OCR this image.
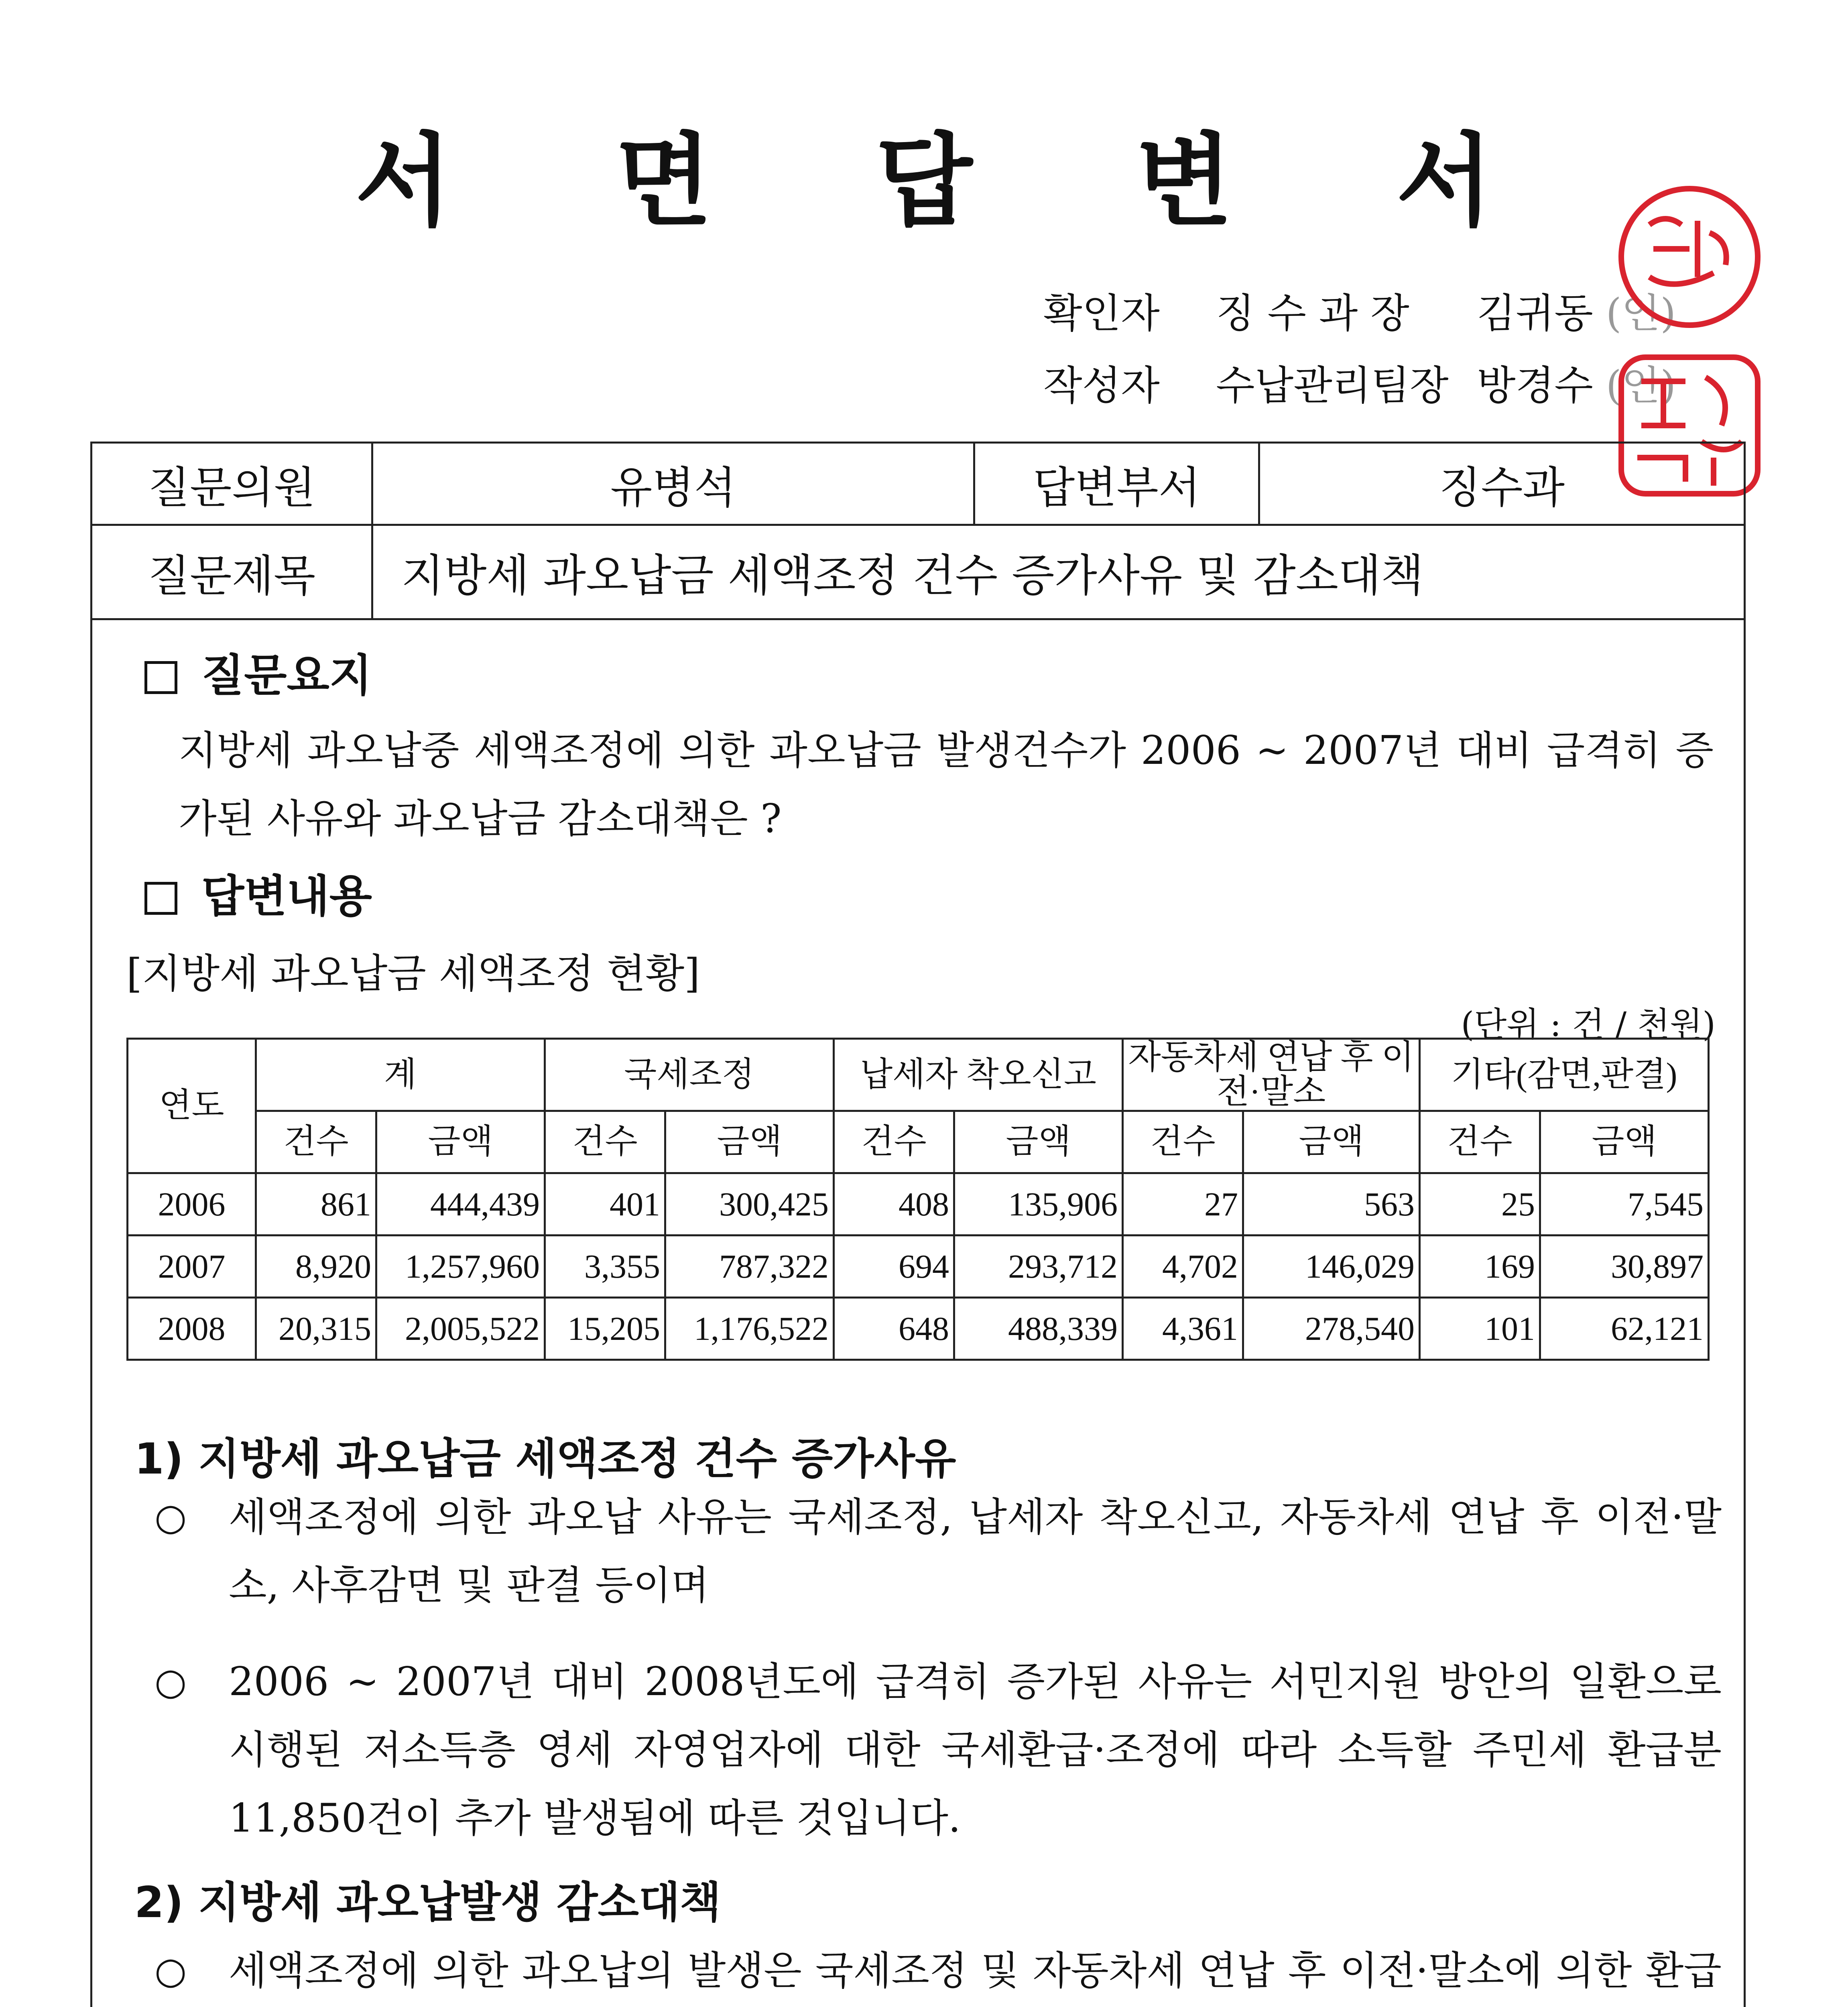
서 면 답 변 서
확인자 징 수 과 장 김귀동 (인)
작성자 수납관리팀장 방경수 (인)
질문의원	유병석	답변부서	징수과
질문제목	지방세 과오납금 세액조정 건수 증가사유 및 감소대책
질문요지
지방세 과오납중 세액조정에 의한 과오납금 발생건수가 2006 ~ 2007년 대비 급격히 증가된 사유와 과오납금 감소대책은 ?
답변내용
[지방세 과오납금 세액조정 현황]
(단위 : 건 / 천원)
연도	계		국세조정		납세자 착오신고		자동차세 연납 후 이전·말소		기타(감면,판결)	
	건수	금액	건수	금액	건수	금액	건수	금액	건수	금액
2006	861	444,439	401	300,425	408	135,906	27	563	25	7,545
2007	8,920	1,257,960	3,355	787,322	694	293,712	4,702	146,029	169	30,897
2008	20,315	2,005,522	15,205	1,176,522	648	488,339	4,361	278,540	101	62,121
1) 지방세 과오납금 세액조정 건수 증가사유
○ 세액조정에 의한 과오납 사유는 국세조정, 납세자 착오신고, 자동차세 연납 후 이전·말소, 사후감면 및 판결 등이며
○ 2006 ~ 2007년 대비 2008년도에 급격히 증가된 사유는 서민지원 방안의 일환으로 시행된 저소득층 영세 자영업자에 대한 국세환급·조정에 따라 소득할 주민세 환급분 11,850건이 추가 발생됨에 따른 것입니다.
2) 지방세 과오납발생 감소대책
○ 세액조정에 의한 과오납의 발생은 국세조정 및 자동차세 연납 후 이전·말소에 의한 환급
